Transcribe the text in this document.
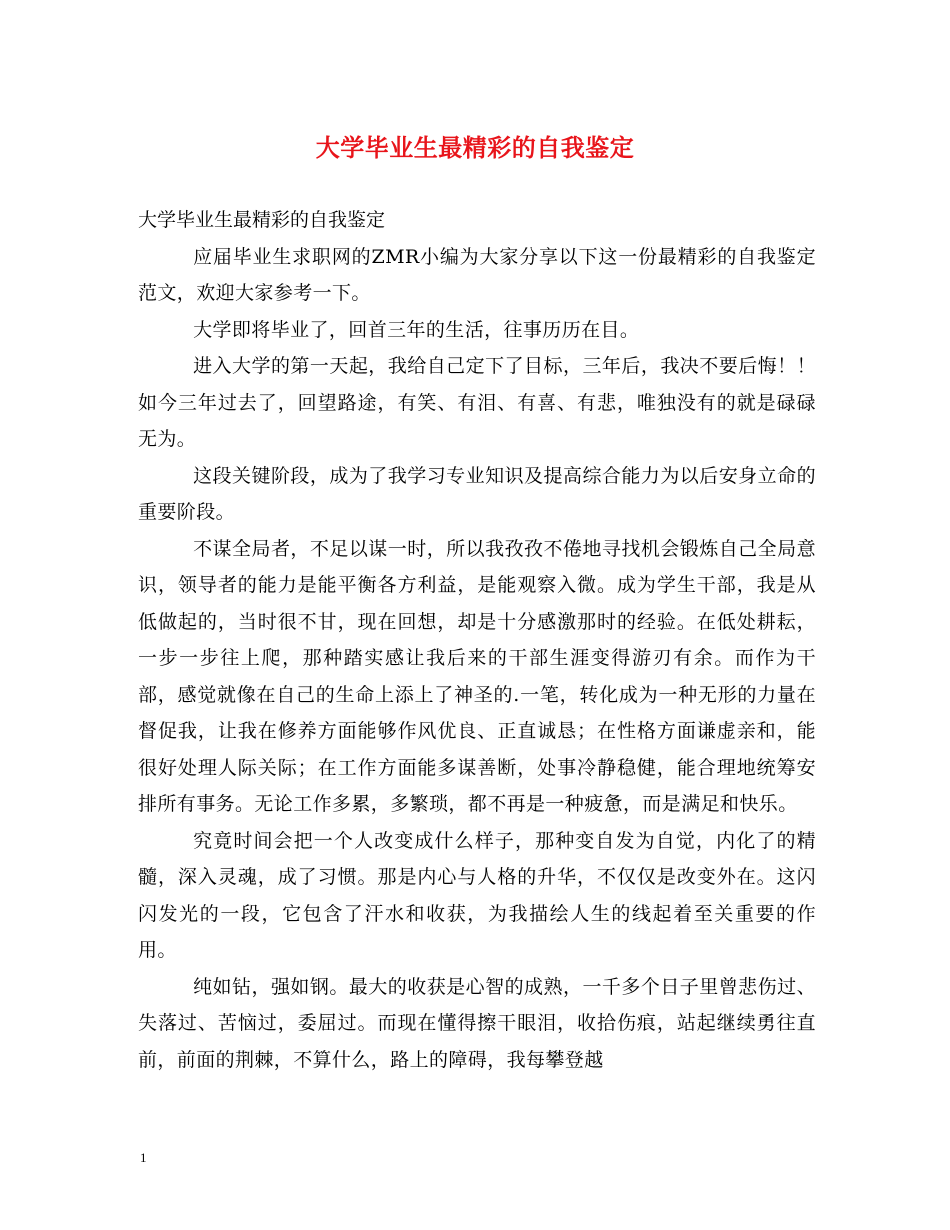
大学毕业生最精彩的自我鉴定

大学毕业生最精彩的自我鉴定

应届毕业生求职网的ZMR小编为大家分享以下这一份最精彩的自我鉴定范文，欢迎大家参考一下。

大学即将毕业了，回首三年的生活，往事历历在目。

进入大学的第一天起，我给自己定下了目标，三年后，我决不要后悔！！如今三年过去了，回望路途，有笑、有泪、有喜、有悲，唯独没有的就是碌碌无为。

这段关键阶段，成为了我学习专业知识及提高综合能力为以后安身立命的重要阶段。

不谋全局者，不足以谋一时，所以我孜孜不倦地寻找机会锻炼自己全局意识，领导者的能力是能平衡各方利益，是能观察入微。成为学生干部，我是从低做起的，当时很不甘，现在回想，却是十分感激那时的经验。在低处耕耘，一步一步往上爬，那种踏实感让我后来的干部生涯变得游刃有余。而作为干部，感觉就像在自己的生命上添上了神圣的.一笔，转化成为一种无形的力量在督促我，让我在修养方面能够作风优良、正直诚恳；在性格方面谦虚亲和，能很好处理人际关际；在工作方面能多谋善断，处事冷静稳健，能合理地统筹安排所有事务。无论工作多累，多繁琐，都不再是一种疲惫，而是满足和快乐。

究竟时间会把一个人改变成什么样子，那种变自发为自觉，内化了的精髓，深入灵魂，成了习惯。那是内心与人格的升华，不仅仅是改变外在。这闪闪发光的一段，它包含了汗水和收获，为我描绘人生的线起着至关重要的作用。

纯如钻，强如钢。最大的收获是心智的成熟，一千多个日子里曾悲伤过、失落过、苦恼过，委屈过。而现在懂得擦干眼泪，收拾伤痕，站起继续勇往直前，前面的荆棘，不算什么，路上的障碍，我每攀登越

1
